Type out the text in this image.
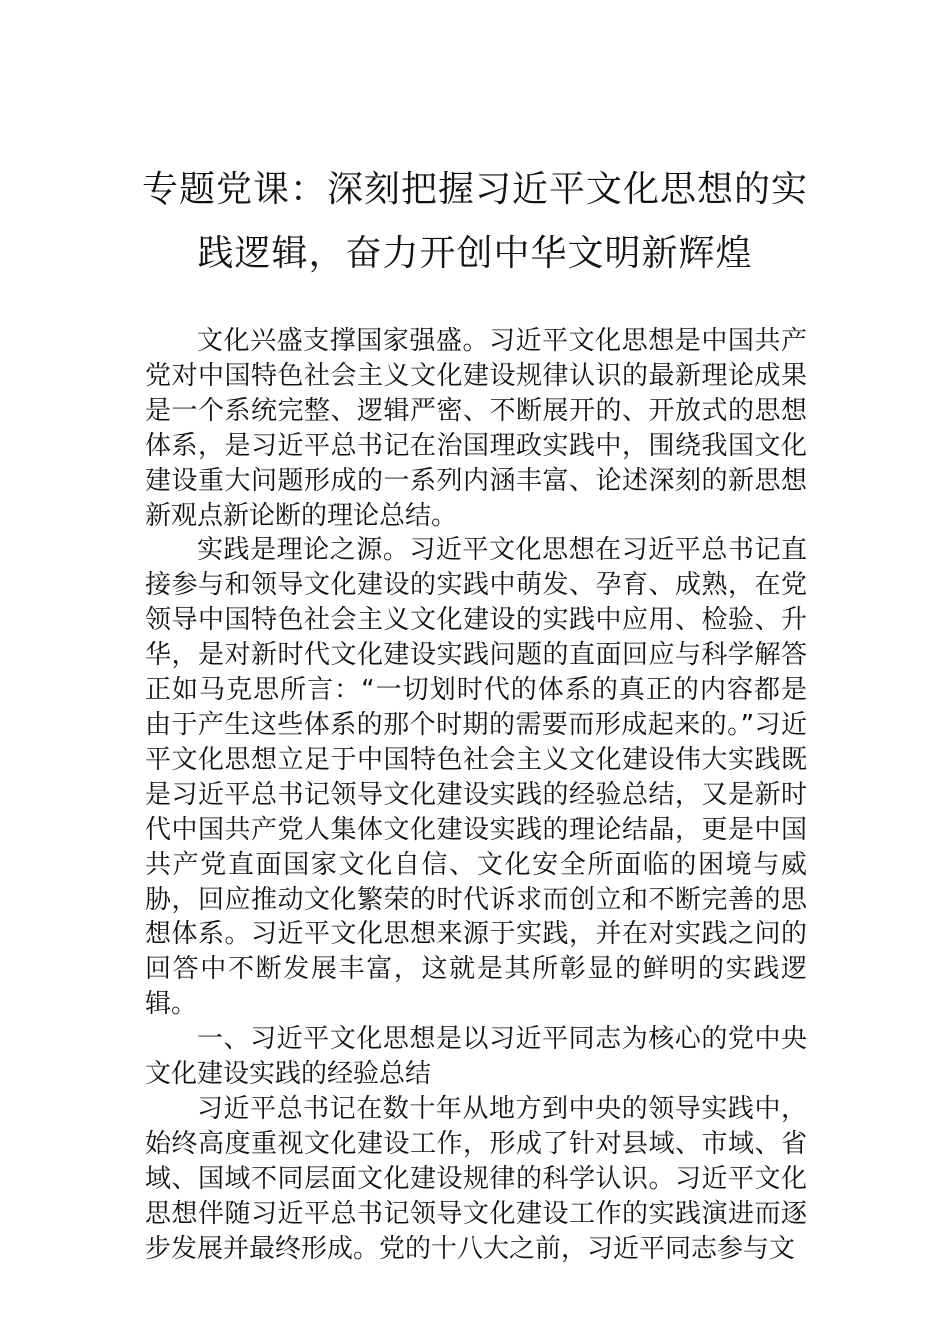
专题党课：深刻把握习近平文化思想的实
践逻辑，奋力开创中华文明新辉煌

文化兴盛支撑国家强盛。习近平文化思想是中国共产党对中国特色社会主义文化建设规律认识的最新理论成果是一个系统完整、逻辑严密、不断展开的、开放式的思想体系，是习近平总书记在治国理政实践中，围绕我国文化建设重大问题形成的一系列内涵丰富、论述深刻的新思想新观点新论断的理论总结。

实践是理论之源。习近平文化思想在习近平总书记直接参与和领导文化建设的实践中萌发、孕育、成熟，在党领导中国特色社会主义文化建设的实践中应用、检验、升华，是对新时代文化建设实践问题的直面回应与科学解答正如马克思所言：“一切划时代的体系的真正的内容都是由于产生这些体系的那个时期的需要而形成起来的。”习近平文化思想立足于中国特色社会主义文化建设伟大实践既是习近平总书记领导文化建设实践的经验总结，又是新时代中国共产党人集体文化建设实践的理论结晶，更是中国共产党直面国家文化自信、文化安全所面临的困境与威胁，回应推动文化繁荣的时代诉求而创立和不断完善的思想体系。习近平文化思想来源于实践，并在对实践之问的回答中不断发展丰富，这就是其所彰显的鲜明的实践逻辑。

一、习近平文化思想是以习近平同志为核心的党中央文化建设实践的经验总结

习近平总书记在数十年从地方到中央的领导实践中，始终高度重视文化建设工作，形成了针对县域、市域、省域、国域不同层面文化建设规律的科学认识。习近平文化思想伴随习近平总书记领导文化建设工作的实践演进而逐步发展并最终形成。党的十八大之前，习近平同志参与文
